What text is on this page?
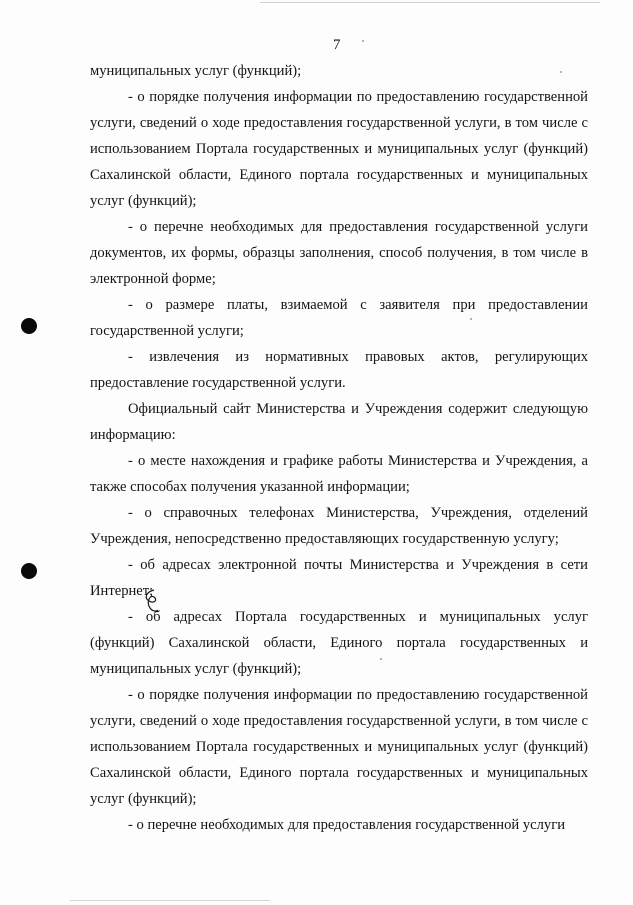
7

муниципальных услуг (функций);

- о порядке получения информации по предоставлению государственной услуги, сведений о ходе предоставления государственной услуги, в том числе с использованием Портала государственных и муниципальных услуг (функций) Сахалинской области, Единого портала государственных и муниципальных услуг (функций);

- о перечне необходимых для предоставления государственной услуги документов, их формы, образцы заполнения, способ получения, в том числе в электронной форме;

- о размере платы, взимаемой с заявителя при предоставлении государственной услуги;

- извлечения из нормативных правовых актов, регулирующих предоставление государственной услуги.

Официальный сайт Министерства и Учреждения содержит следующую информацию:

- о месте нахождения и графике работы Министерства и Учреждения, а также способах получения указанной информации;

- о справочных телефонах Министерства, Учреждения, отделений Учреждения, непосредственно предоставляющих государственную услугу;

- об адресах электронной почты Министерства и Учреждения в сети Интернет;

- об адресах Портала государственных и муниципальных услуг (функций) Сахалинской области, Единого портала государственных и муниципальных услуг (функций);

- о порядке получения информации по предоставлению государственной услуги, сведений о ходе предоставления государственной услуги, в том числе с использованием Портала государственных и муниципальных услуг (функций) Сахалинской области, Единого портала государственных и муниципальных услуг (функций);

- о перечне необходимых для предоставления государственной услуги
